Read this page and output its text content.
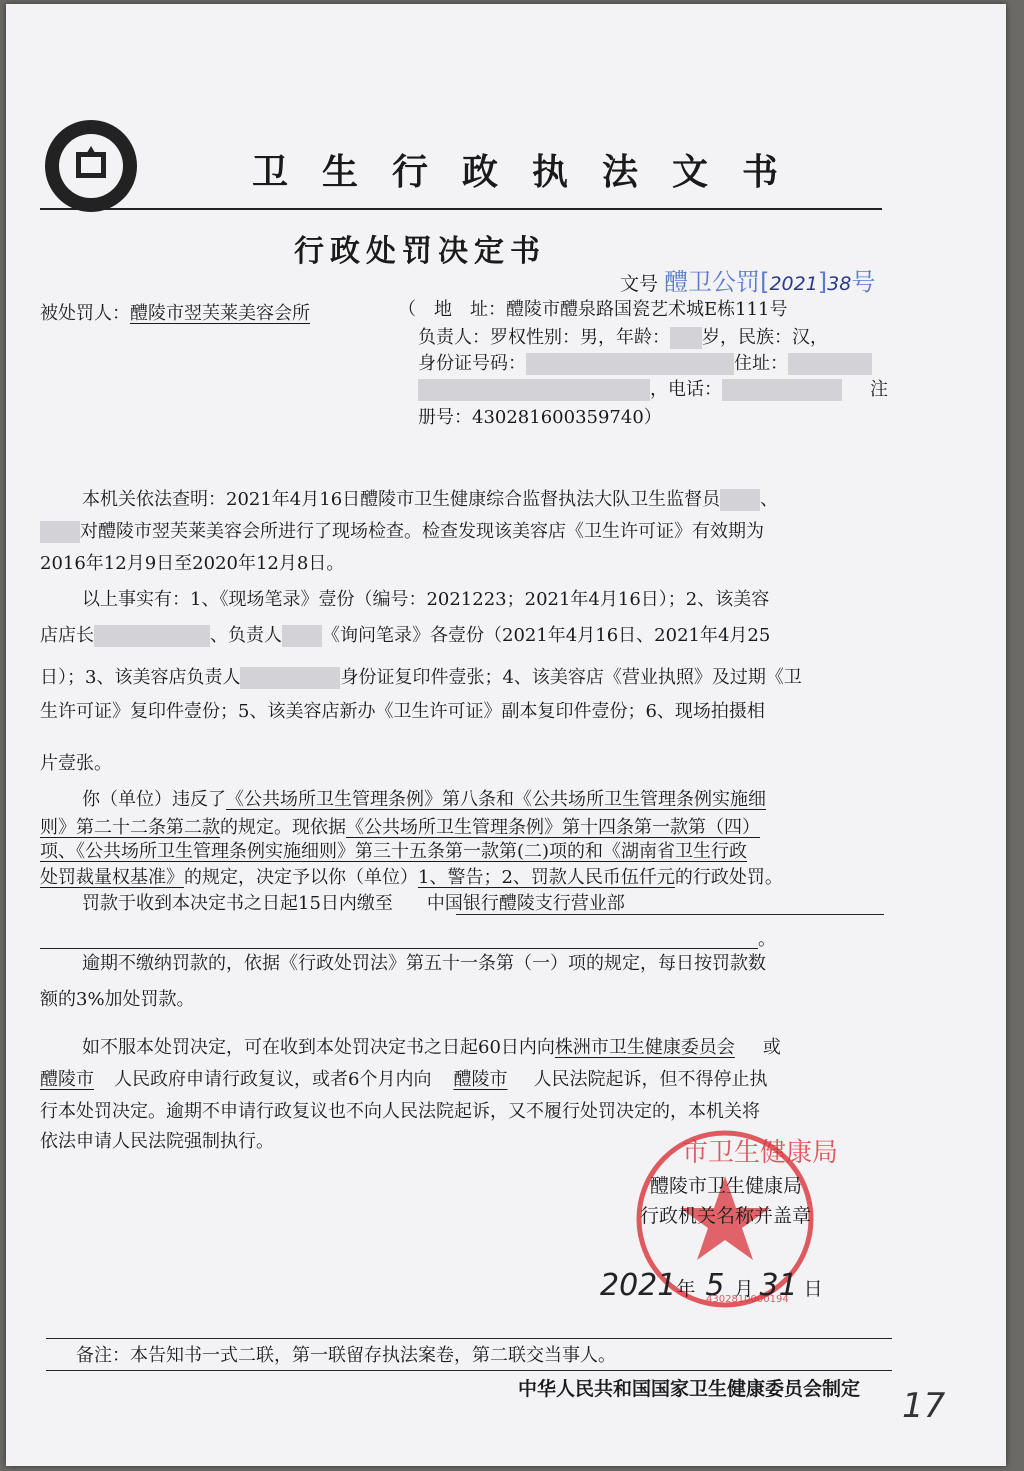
卫生行政执法文书
行政处罚决定书
文号 醴卫公罚[2021]38号
被处罚人：醴陵市翌芙莱美容会所	（　地　址：醴陵市醴泉路国瓷艺术城E栋111号
负责人：罗权性别：男，年龄： 岁，民族：汉，
身份证号码：	住址：
，电话：	注
册号：430281600359740）
本机关依法查明：2021年4月16日醴陵市卫生健康综合监督执法大队卫生监督员 、
对醴陵市翌芙莱美容会所进行了现场检查。检查发现该美容店《卫生许可证》有效期为
2016年12月9日至2020年12月8日。
以上事实有：1、《现场笔录》壹份（编号：2021223；2021年4月16日）；2、该美容
店店长	、负责人 《询问笔录》各壹份（2021年4月16日、2021年4月25
日）；3、该美容店负责人	身份证复印件壹张；4、该美容店《营业执照》及过期《卫
生许可证》复印件壹份；5、该美容店新办《卫生许可证》副本复印件壹份；6、现场拍摄相
片壹张。
你（单位）违反了《公共场所卫生管理条例》第八条和《公共场所卫生管理条例实施细
则》第二十二条第二款的规定。现依据《公共场所卫生管理条例》第十四条第一款第（四）
项、《公共场所卫生管理条例实施细则》第三十五条第一款第(二)项的和《湖南省卫生行政
处罚裁量权基准》的规定，决定予以你（单位）1、警告；2、罚款人民币伍仟元的行政处罚。
罚款于收到本决定书之日起15日内缴至 中国银行醴陵支行营业部
。
逾期不缴纳罚款的，依据《行政处罚法》第五十一条第（一）项的规定，每日按罚款数
额的3%加处罚款。
如不服本处罚决定，可在收到本处罚决定书之日起60日内向株洲市卫生健康委员会 或
醴陵市 人民政府申请行政复议，或者6个月内向 醴陵市 人民法院起诉，但不得停止执
行本处罚决定。逾期不申请行政复议也不向人民法院起诉，又不履行处罚决定的，本机关将
依法申请人民法院强制执行。	市卫生健康局
4302810000194
醴陵市卫生健康局
行政机关名称并盖章
2021年 5 月 31 日
备注：本告知书一式二联，第一联留存执法案卷，第二联交当事人。
中华人民共和国国家卫生健康委员会制定 17
